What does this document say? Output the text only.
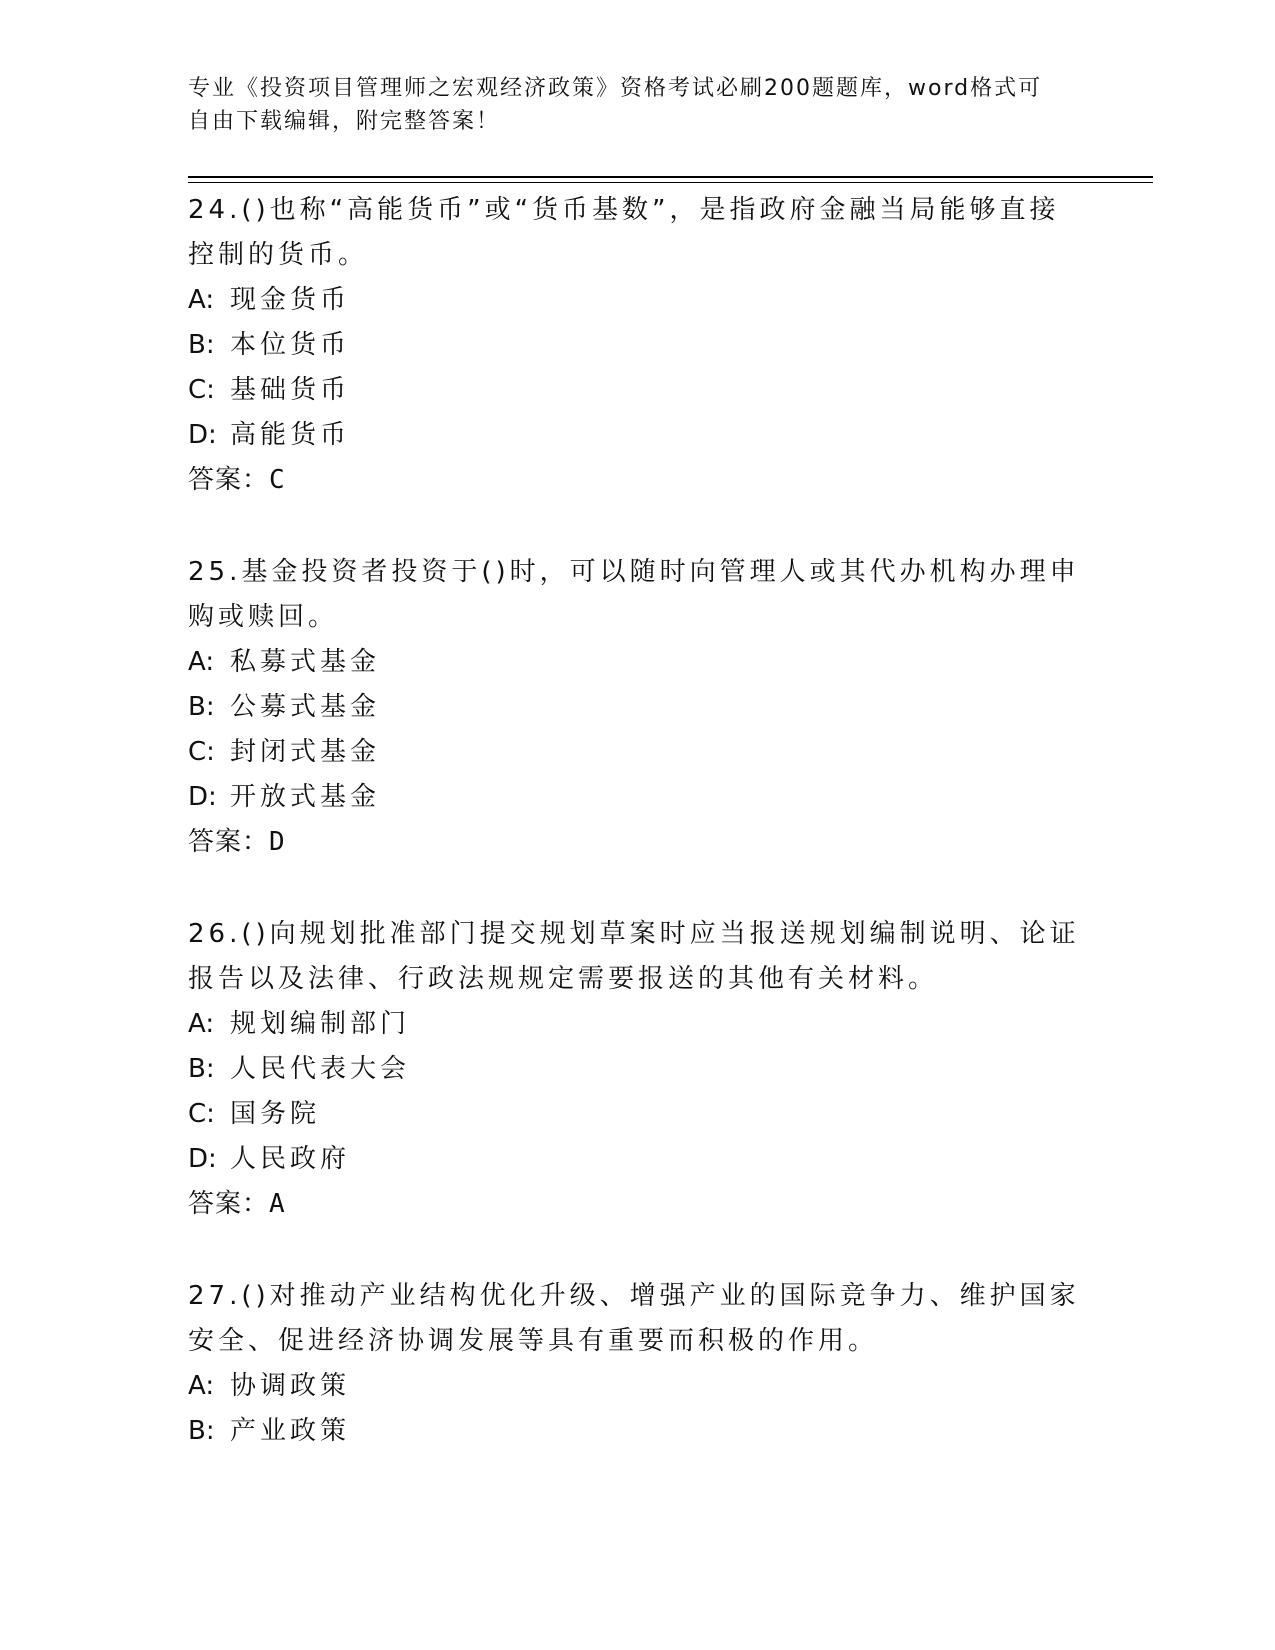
专业《投资项目管理师之宏观经济政策》资格考试必刷200题题库，word格式可
自由下载编辑，附完整答案！

24.()也称“高能货币”或“货币基数”，是指政府金融当局能够直接控制的货币。

A: 现金货币
B: 本位货币
C: 基础货币
D: 高能货币
答案：C

25.基金投资者投资于()时，可以随时向管理人或其代办机构办理申购或赎回。

A: 私募式基金
B: 公募式基金
C: 封闭式基金
D: 开放式基金
答案：D

26.()向规划批准部门提交规划草案时应当报送规划编制说明、论证报告以及法律、行政法规规定需要报送的其他有关材料。

A: 规划编制部门
B: 人民代表大会
C: 国务院
D: 人民政府
答案：A

27.()对推动产业结构优化升级、增强产业的国际竞争力、维护国家安全、促进经济协调发展等具有重要而积极的作用。

A: 协调政策
B: 产业政策
